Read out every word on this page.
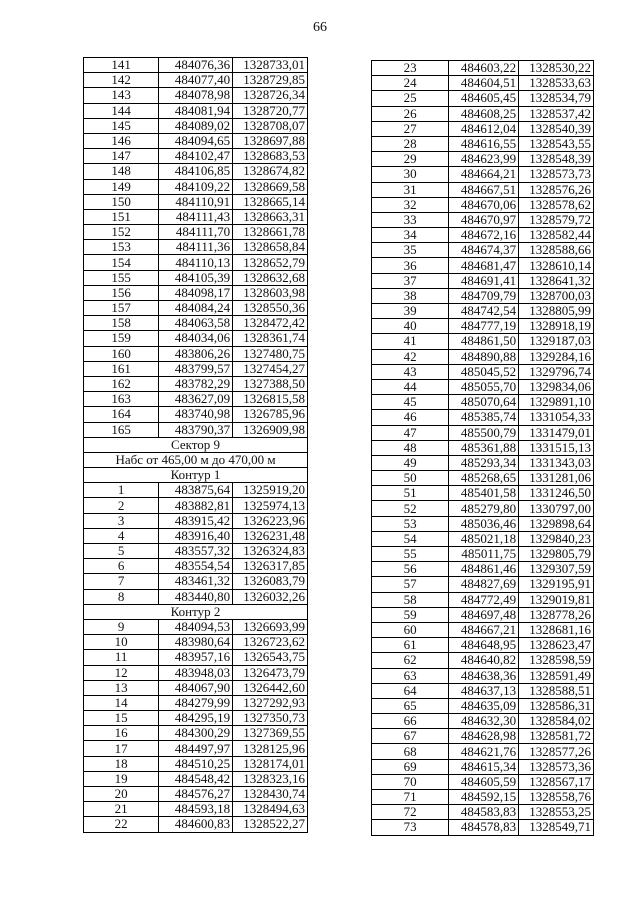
66
141	484076,36	1328733,01
142	484077,40	1328729,85
143	484078,98	1328726,34
144	484081,94	1328720,77
145	484089,02	1328708,07
146	484094,65	1328697,88
147	484102,47	1328683,53
148	484106,85	1328674,82
149	484109,22	1328669,58
150	484110,91	1328665,14
151	484111,43	1328663,31
152	484111,70	1328661,78
153	484111,36	1328658,84
154	484110,13	1328652,79
155	484105,39	1328632,68
156	484098,17	1328603,98
157	484084,24	1328550,36
158	484063,58	1328472,42
159	484034,06	1328361,74
160	483806,26	1327480,75
161	483799,57	1327454,27
162	483782,29	1327388,50
163	483627,09	1326815,58
164	483740,98	1326785,96
165	483790,37	1326909,98
Сектор 9		
Набс от 465,00 м до 470,00 м		
Контур 1		
1	483875,64	1325919,20
2	483882,81	1325974,13
3	483915,42	1326223,96
4	483916,40	1326231,48
5	483557,32	1326324,83
6	483554,54	1326317,85
7	483461,32	1326083,79
8	483440,80	1326032,26
Контур 2		
9	484094,53	1326693,99
10	483980,64	1326723,62
11	483957,16	1326543,75
12	483948,03	1326473,79
13	484067,90	1326442,60
14	484279,99	1327292,93
15	484295,19	1327350,73
16	484300,29	1327369,55
17	484497,97	1328125,96
18	484510,25	1328174,01
19	484548,42	1328323,16
20	484576,27	1328430,74
21	484593,18	1328494,63
22	484600,83	1328522,27
23	484603,22	1328530,22
24	484604,51	1328533,63
25	484605,45	1328534,79
26	484608,25	1328537,42
27	484612,04	1328540,39
28	484616,55	1328543,55
29	484623,99	1328548,39
30	484664,21	1328573,73
31	484667,51	1328576,26
32	484670,06	1328578,62
33	484670,97	1328579,72
34	484672,16	1328582,44
35	484674,37	1328588,66
36	484681,47	1328610,14
37	484691,41	1328641,32
38	484709,79	1328700,03
39	484742,54	1328805,99
40	484777,19	1328918,19
41	484861,50	1329187,03
42	484890,88	1329284,16
43	485045,52	1329796,74
44	485055,70	1329834,06
45	485070,64	1329891,10
46	485385,74	1331054,33
47	485500,79	1331479,01
48	485361,88	1331515,13
49	485293,34	1331343,03
50	485268,65	1331281,06
51	485401,58	1331246,50
52	485279,80	1330797,00
53	485036,46	1329898,64
54	485021,18	1329840,23
55	485011,75	1329805,79
56	484861,46	1329307,59
57	484827,69	1329195,91
58	484772,49	1329019,81
59	484697,48	1328778,26
60	484667,21	1328681,16
61	484648,95	1328623,47
62	484640,82	1328598,59
63	484638,36	1328591,49
64	484637,13	1328588,51
65	484635,09	1328586,31
66	484632,30	1328584,02
67	484628,98	1328581,72
68	484621,76	1328577,26
69	484615,34	1328573,36
70	484605,59	1328567,17
71	484592,15	1328558,76
72	484583,83	1328553,25
73	484578,83	1328549,71
